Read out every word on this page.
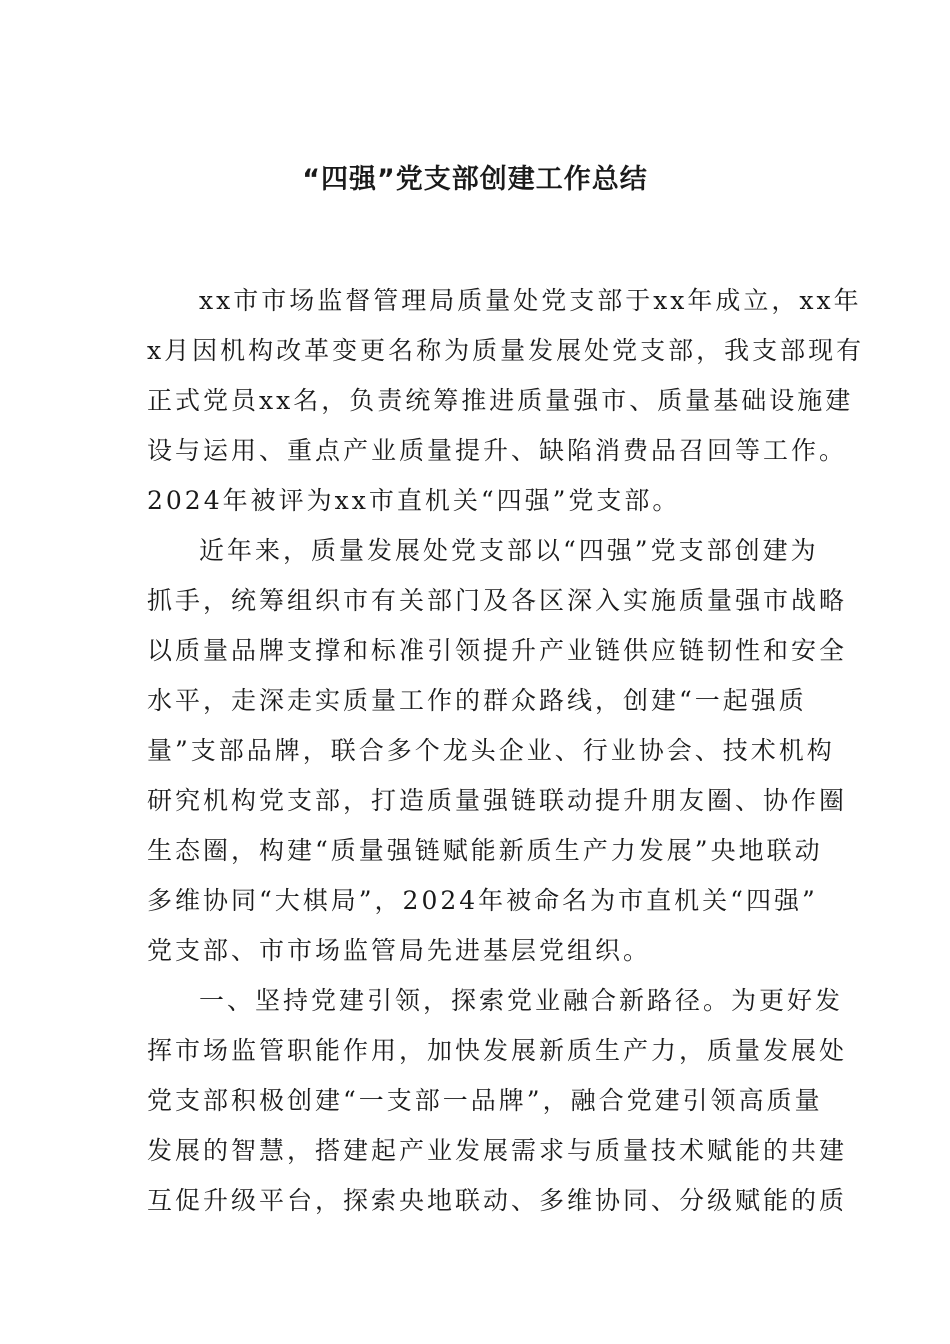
“四强”党支部创建工作总结

xx市市场监督管理局质量处党支部于xx年成立，xx年

x月因机构改革变更名称为质量发展处党支部，我支部现有

正式党员xx名，负责统筹推进质量强市、质量基础设施建

设与运用、重点产业质量提升、缺陷消费品召回等工作。

2024年被评为xx市直机关“四强”党支部。

近年来，质量发展处党支部以“四强”党支部创建为

抓手，统筹组织市有关部门及各区深入实施质量强市战略

以质量品牌支撑和标准引领提升产业链供应链韧性和安全

水平，走深走实质量工作的群众路线，创建“一起强质

量”支部品牌，联合多个龙头企业、行业协会、技术机构

研究机构党支部，打造质量强链联动提升朋友圈、协作圈

生态圈，构建“质量强链赋能新质生产力发展”央地联动

多维协同“大棋局”，2024年被命名为市直机关“四强”

党支部、市市场监管局先进基层党组织。

一、坚持党建引领，探索党业融合新路径。为更好发

挥市场监管职能作用，加快发展新质生产力，质量发展处

党支部积极创建“一支部一品牌”，融合党建引领高质量

发展的智慧，搭建起产业发展需求与质量技术赋能的共建

互促升级平台，探索央地联动、多维协同、分级赋能的质
